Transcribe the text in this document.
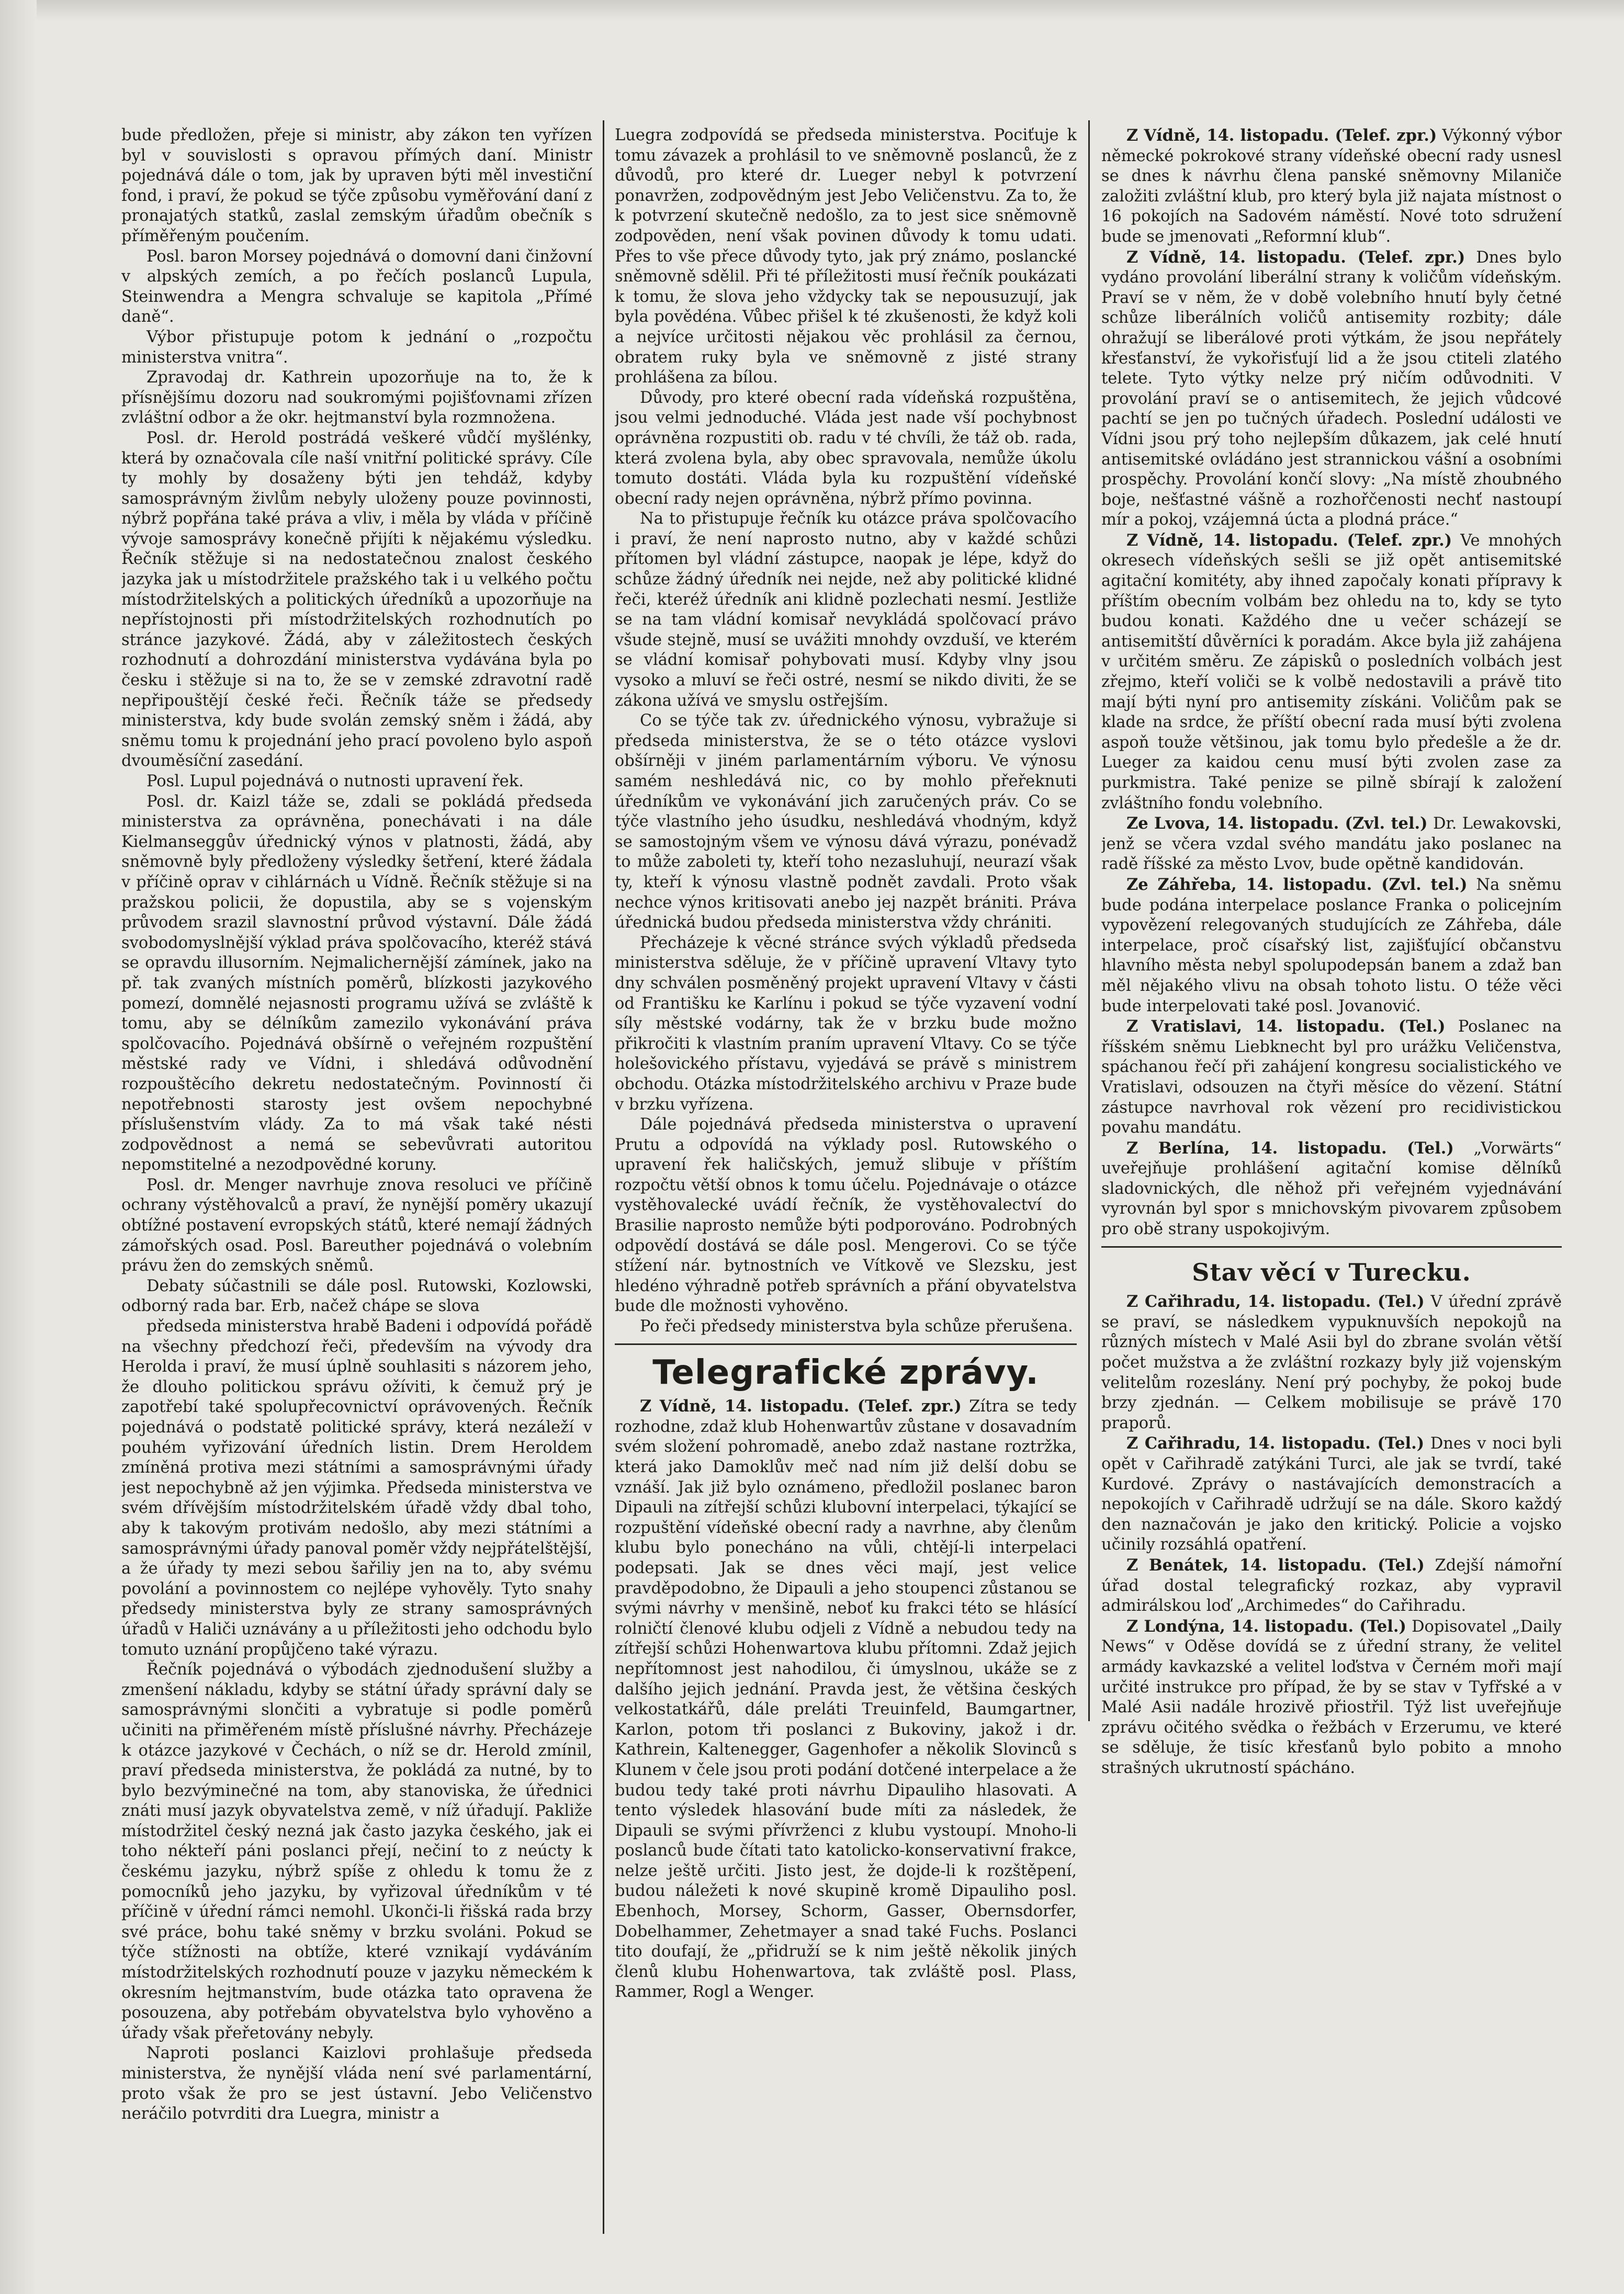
bude předložen, přeje si ministr, aby zákon ten vyřízen byl v souvislosti s opravou přímých daní. Ministr pojednává dále o tom, jak by upraven býti měl investiční fond, i praví, že pokud se týče způsobu vyměřování daní z pronajatých statků, zaslal zemským úřadům obečník s příměřeným poučením.

Posl. baron Morsey pojednává o domovní dani činžovní v alpských zemích, a po řečích poslanců Lupula, Steinwendra a Mengra schvaluje se kapitola „Přímé daně“.

Výbor přistupuje potom k jednání o „rozpočtu ministerstva vnitra“.

Zpravodaj dr. Kathrein upozorňuje na to, že k přísnějšímu dozoru nad soukromými pojišťovnami zřízen zvláštní odbor a že okr. hejtmanství byla rozmnožena.

Posl. dr. Herold postrádá veškeré vůdčí myšlénky, která by označovala cíle naší vnitřní politické správy. Cíle ty mohly by dosaženy býti jen tehdáž, kdyby samosprávným živlům nebyly uloženy pouze povinnosti, nýbrž popřána také práva a vliv, i měla by vláda v příčině vývoje samosprávy konečně přijíti k nějakému výsledku. Řečník stěžuje si na nedostatečnou znalost českého jazyka jak u místodržitele pražského tak i u velkého počtu místodržitelských a politických úředníků a upozorňuje na nepřístojnosti při místodržitelských rozhodnutích po stránce jazykové. Žádá, aby v záležitostech českých rozhodnutí a dohrozdání ministerstva vydávána byla po česku i stěžuje si na to, že se v zemské zdravotní radě nepřipouštějí české řeči. Řečník táže se předsedy ministerstva, kdy bude svolán zemský sněm i žádá, aby sněmu tomu k projednání jeho prací povoleno bylo aspoň dvouměsíční zasedání.

Posl. Lupul pojednává o nutnosti upravení řek.

Posl. dr. Kaizl táže se, zdali se pokládá předseda ministerstva za oprávněna, ponechávati i na dále Kielmanseggův úřednický výnos v platnosti, žádá, aby sněmovně byly předloženy výsledky šetření, které žádala v příčině oprav v cihlárnách u Vídně. Řečník stěžuje si na pražskou policii, že dopustila, aby se s vojenským průvodem srazil slavnostní průvod výstavní. Dále žádá svobodomyslnější výklad práva spolčovacího, kteréž stává se opravdu illusorním. Nejmalichernější zámínek, jako na př. tak zvaných místních poměrů, blízkosti jazykového pomezí, domnělé nejasnosti programu užívá se zvláště k tomu, aby se délníkům zamezilo vykonávání práva spolčovacího. Pojednává obšírně o veřejném rozpuštění městské rady ve Vídni, i shledává odůvodnění rozpouštěcího dekretu nedostatečným. Povinností či nepotřebnosti starosty jest ovšem nepochybné příslušenstvím vlády. Za to má však také nésti zodpovědnost a nemá se sebevůvrati autoritou nepomstitelné a nezodpovědné koruny.

Posl. dr. Menger navrhuje znova resoluci ve příčině ochrany výstěhovalců a praví, že nynější poměry ukazují obtížné postavení evropských států, které nemají žádných zámořských osad. Posl. Bareuther pojednává o volebním právu žen do zemských sněmů.

Debaty súčastnili se dále posl. Rutowski, Kozlowski, odborný rada bar. Erb, načež chápe se slova

předseda ministerstva hrabě Badeni i odpovídá pořádě na všechny předchozí řeči, především na vývody dra Herolda i praví, že musí úplně souhlasiti s názorem jeho, že dlouho politickou správu ožíviti, k čemuž prý je zapotřebí také spolupřecovnictví oprávovených. Řečník pojednává o podstatě politické správy, která nezáleží v pouhém vyřizování úředních listin. Drem Heroldem zmíněná protiva mezi státními a samosprávnými úřady jest nepochybně až jen výjimka. Předseda ministerstva ve svém dřívějším místodržitelském úřadě vždy dbal toho, aby k takovým protivám nedošlo, aby mezi státními a samosprávnými úřady panoval poměr vždy nejpřátelštější, a že úřady ty mezi sebou šařiliy jen na to, aby svému povolání a povinnostem co nejlépe vyhověly. Tyto snahy předsedy ministerstva byly ze strany samosprávných úřadů v Haliči uznávány a u příležitosti jeho odchodu bylo tomuto uznání propůjčeno také výrazu.

Řečník pojednává o výbodách zjednodušení služby a zmenšení nákladu, kdyby se státní úřady správní daly se samosprávnými slončiti a vybratuje si podle poměrů učiniti na přiměřeném místě příslušné návrhy. Přecházeje k otázce jazykové v Čechách, o níž se dr. Herold zmínil, praví předseda ministerstva, že pokládá za nutné, by to bylo bezvýminečné na tom, aby stanoviska, že úřednici znáti musí jazyk obyvatelstva země, v níž úřadují. Pakliže místodržitel český nezná jak často jazyka českého, jak ei toho nékteří páni poslanci přejí, nečiní to z neúcty k českému jazyku, nýbrž spíše z ohledu k tomu že z pomocníků jeho jazyku, by vyřizoval úředníkům v té příčině v úřední rámci nemohl. Ukonči-li řišská rada brzy své práce, bohu také sněmy v brzku svoláni. Pokud se týče stížnosti na obtíže, které vznikají vydáváním místodržitelských rozhodnutí pouze v jazyku německém k okresním hejtmanstvím, bude otázka tato opravena že posouzena, aby potřebám obyvatelstva bylo vyhověno a úřady však přeřetovány nebyly.

Naproti poslanci Kaizlovi prohlašuje předseda ministerstva, že nynější vláda není své parlamentární, proto však že pro se jest ústavní. Jebo Veličenstvo neráčilo potvrditi dra Luegra, ministr a

Luegra zodpovídá se předseda ministerstva. Pociťuje k tomu závazek a prohlásil to ve sněmovně poslanců, že z důvodů, pro které dr. Lueger nebyl k potvrzení ponavržen, zodpovědným jest Jebo Veličenstvu. Za to, že k potvrzení skutečně nedošlo, za to jest sice sněmovně zodpověden, není však povinen důvody k tomu udati. Přes to vše přece důvody tyto, jak prý známo, poslancké sněmovně sdělil. Při té příležitosti musí řečník poukázati k tomu, že slova jeho vždycky tak se nepousuzují, jak byla povědéna. Vůbec přišel k té zkušenosti, že když koli a nejvíce určitosti nějakou věc prohlásil za černou, obratem ruky byla ve sněmovně z jisté strany prohlášena za bílou.

Důvody, pro které obecní rada vídeňská rozpuštěna, jsou velmi jednoduché. Vláda jest nade vší pochybnost oprávněna rozpustiti ob. radu v té chvíli, že táž ob. rada, která zvolena byla, aby obec spravovala, nemůže úkolu tomuto dostáti. Vláda byla ku rozpuštění vídeňské obecní rady nejen oprávněna, nýbrž přímo povinna.

Na to přistupuje řečník ku otázce práva spolčovacího i praví, že není naprosto nutno, aby v každé schůzi přítomen byl vládní zástupce, naopak je lépe, když do schůze žádný úředník nei nejde, než aby politické klidné řeči, kteréž úředník ani klidně pozlechati nesmí. Jestliže se na tam vládní komisař nevykládá spolčovací právo všude stejně, musí se uvážiti mnohdy ovzduší, ve kterém se vládní komisař pohybovati musí. Kdyby vlny jsou vysoko a mluví se řeči ostré, nesmí se nikdo diviti, že se zákona užívá ve smyslu ostřejším.

Co se týče tak zv. úřednického výnosu, vybražuje si předseda ministerstva, že se o této otázce vyslovi obšírněji v jiném parlamentárním výboru. Ve výnosu samém neshledává nic, co by mohlo přeřeknuti úředníkům ve vykonávání jich zaručených práv. Co se týče vlastního jeho úsudku, neshledává vhodným, když se samostojným všem ve výnosu dává výrazu, ponévadž to může zaboleti ty, kteří toho nezasluhují, neurazí však ty, kteří k výnosu vlastně podnět zavdali. Proto však nechce výnos kritisovati anebo jej nazpět brániti. Práva úřednická budou předseda ministerstva vždy chrániti.

Přecházeje k věcné stránce svých výkladů předseda ministerstva sděluje, že v příčině upravení Vltavy tyto dny schválen posměněný projekt upravení Vltavy v části od Františku ke Karlínu i pokud se týče vyzavení vodní síly městské vodárny, tak že v brzku bude možno přikročiti k vlastním praním upravení Vltavy. Co se týče holešovického přístavu, vyjedává se právě s ministrem obchodu. Otázka místodržitelského archivu v Praze bude v brzku vyřízena.

Dále pojednává předseda ministerstva o upravení Prutu a odpovídá na výklady posl. Rutowského o upravení řek haličských, jemuž slibuje v příštím rozpočtu větší obnos k tomu účelu. Pojednávaje o otázce vystěhovalecké uvádí řečník, že vystěhovalectví do Brasilie naprosto nemůže býti podporováno. Podrobných odpovědí dostává se dále posl. Mengerovi. Co se týče stížení nár. bytnostních ve Vítkově ve Slezsku, jest hledéno výhradně potřeb správních a přání obyvatelstva bude dle možnosti vyhověno.

Po řeči předsedy ministerstva byla schůze přerušena.

Telegrafické zprávy.

Z Vídně, 14. listopadu. (Telef. zpr.) Zítra se tedy rozhodne, zdaž klub Hohenwartův zůstane v dosavadním svém složení pohromadě, anebo zdaž nastane roztržka, která jako Damoklův meč nad ním již delší dobu se vznáší. Jak již bylo oznámeno, předložil poslanec baron Dipauli na zítřejší schůzi klubovní interpelaci, týkající se rozpuštění vídeňské obecní rady a navrhne, aby členům klubu bylo ponecháno na vůli, chtějí-li interpelaci podepsati. Jak se dnes věci mají, jest velice pravděpodobno, že Dipauli a jeho stoupenci zůstanou se svými návrhy v menšině, neboť ku frakci této se hlásící rolničtí členové klubu odjeli z Vídně a nebudou tedy na zítřejší schůzi Hohenwartova klubu přítomni. Zdaž jejich nepřítomnost jest nahodilou, či úmyslnou, ukáže se z dalšího jejich jednání. Pravda jest, že většina českých velkostatkářů, dále preláti Treuinfeld, Baumgartner, Karlon, potom tři poslanci z Bukoviny, jakož i dr. Kathrein, Kaltenegger, Gagenhofer a několik Slovinců s Klunem v čele jsou proti podání dotčené interpelace a že budou tedy také proti návrhu Dipauliho hlasovati. A tento výsledek hlasování bude míti za následek, že Dipauli se svými přívrženci z klubu vystoupí. Mnoho-li poslanců bude čítati tato katolicko-konservativní frakce, nelze ještě určiti. Jisto jest, že dojde-li k rozštěpení, budou náležeti k nové skupině kromě Dipauliho posl. Ebenhoch, Morsey, Schorm, Gasser, Obernsdorfer, Dobelhammer, Zehetmayer a snad také Fuchs. Poslanci tito doufají, že „přidruží se k nim ještě několik jiných členů klubu Hohenwartova, tak zvláště posl. Plass, Rammer, Rogl a Wenger.

Z Vídně, 14. listopadu. (Telef. zpr.) Výkonný výbor německé pokrokové strany vídeňské obecní rady usnesl se dnes k návrhu člena panské sněmovny Milaniče založiti zvláštní klub, pro který byla již najata místnost o 16 pokojích na Sadovém náměstí. Nové toto sdružení bude se jmenovati „Reformní klub“.

Z Vídně, 14. listopadu. (Telef. zpr.) Dnes bylo vydáno provolání liberální strany k voličům vídeňským. Praví se v něm, že v době volebního hnutí byly četné schůze liberálních voličů antisemity rozbity; dále ohražují se liberálové proti výtkám, že jsou nepřátely křesťanství, že vykořisťují lid a že jsou ctiteli zlatého telete. Tyto výtky nelze prý ničím odůvodniti. V provolání praví se o antisemitech, že jejich vůdcové pachtí se jen po tučných úřadech. Poslední události ve Vídni jsou prý toho nejlepším důkazem, jak celé hnutí antisemitské ovládáno jest strannickou vášní a osobními prospěchy. Provolání končí slovy: „Na místě zhoubného boje, nešťastné vášně a rozhořčenosti nechť nastoupí mír a pokoj, vzájemná úcta a plodná práce.“

Z Vídně, 14. listopadu. (Telef. zpr.) Ve mnohých okresech vídeňských sešli se již opět antisemitské agitační komitéty, aby ihned započaly konati přípravy k příštím obecním volbám bez ohledu na to, kdy se tyto budou konati. Každého dne u večer scházejí se antisemitští důvěrníci k poradám. Akce byla již zahájena v určitém směru. Ze zápisků o posledních volbách jest zřejmo, kteří voliči se k volbě nedostavili a právě tito mají býti nyní pro antisemity získáni. Voličům pak se klade na srdce, že příští obecní rada musí býti zvolena aspoň touže většinou, jak tomu bylo předešle a že dr. Lueger za kaidou cenu musí býti zvolen zase za purkmistra. Také penize se pilně sbírají k založení zvláštního fondu volebního.

Ze Lvova, 14. listopadu. (Zvl. tel.) Dr. Lewakovski, jenž se včera vzdal svého mandátu jako poslanec na radě říšské za město Lvov, bude opětně kandidován.

Ze Záhřeba, 14. listopadu. (Zvl. tel.) Na sněmu bude podána interpelace poslance Franka o policejním vypovězení relegovaných studujících ze Záhřeba, dále interpelace, proč císařský list, zajišťující občanstvu hlavního města nebyl spolupodepsán banem a zdaž ban měl nějakého vlivu na obsah tohoto listu. O téže věci bude interpelovati také posl. Jovanović.

Z Vratislavi, 14. listopadu. (Tel.) Poslanec na říšském sněmu Liebknecht byl pro urážku Veličenstva, spáchanou řečí při zahájení kongresu socialistického ve Vratislavi, odsouzen na čtyři měsíce do vězení. Státní zástupce navrhoval rok vězení pro recidivistickou povahu mandátu.

Z Berlína, 14. listopadu. (Tel.) „Vorwärts“ uveřejňuje prohlášení agitační komise dělníků sladovnických, dle něhož při veřejném vyjednávání vyrovnán byl spor s mnichovským pivovarem způsobem pro obě strany uspokojivým.

Stav věcí v Turecku.

Z Cařihradu, 14. listopadu. (Tel.) V úřední zprávě se praví, se následkem vypuknuvších nepokojů na různých místech v Malé Asii byl do zbrane svolán větší počet mužstva a že zvláštní rozkazy byly již vojenským velitelům rozeslány. Není prý pochyby, že pokoj bude brzy zjednán. — Celkem mobilisuje se právě 170 praporů.

Z Cařihradu, 14. listopadu. (Tel.) Dnes v noci byli opět v Cařihradě zatýkáni Turci, ale jak se tvrdí, také Kurdové. Zprávy o nastávajících demonstracích a nepokojích v Cařihradě udržují se na dále. Skoro každý den naznačován je jako den kritický. Policie a vojsko učinily rozsáhlá opatření.

Z Benátek, 14. listopadu. (Tel.) Zdejší námořní úřad dostal telegrafický rozkaz, aby vypravil admirálskou loď „Archimedes“ do Cařihradu.

Z Londýna, 14. listopadu. (Tel.) Dopisovatel „Daily News“ v Oděse dovídá se z úřední strany, že velitel armády kavkazské a velitel loďstva v Černém moři mají určité instrukce pro případ, že by se stav v Tyfřské a v Malé Asii nadále hrozivě přiostřil. Týž list uveřejňuje zprávu očitého svědka o řežbách v Erzerumu, ve které se sděluje, že tisíc křesťanů bylo pobito a mnoho strašných ukrutností spácháno.
